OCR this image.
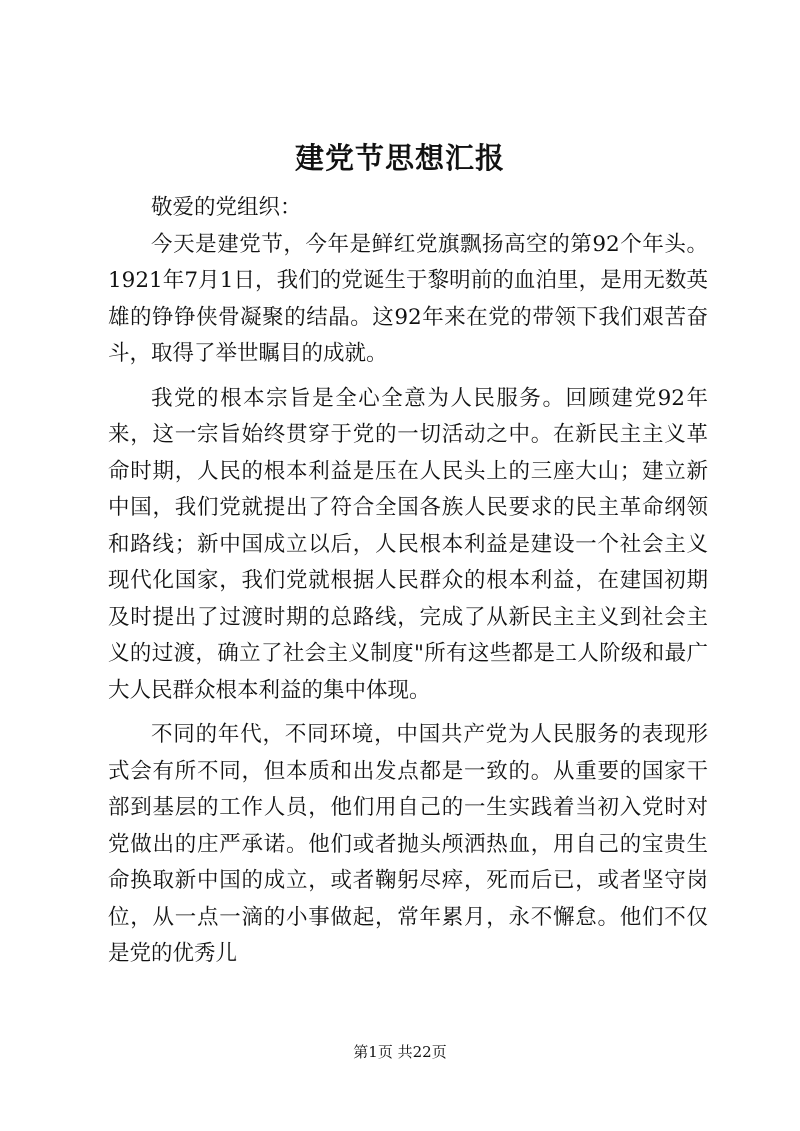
建党节思想汇报

敬爱的党组织：

今天是建党节，今年是鲜红党旗飘扬高空的第92个年头。1921年7月1日，我们的党诞生于黎明前的血泊里，是用无数英雄的铮铮侠骨凝聚的结晶。这92年来在党的带领下我们艰苦奋斗，取得了举世瞩目的成就。

我党的根本宗旨是全心全意为人民服务。回顾建党92年来，这一宗旨始终贯穿于党的一切活动之中。在新民主主义革命时期，人民的根本利益是压在人民头上的三座大山；建立新中国，我们党就提出了符合全国各族人民要求的民主革命纲领和路线；新中国成立以后，人民根本利益是建设一个社会主义现代化国家，我们党就根据人民群众的根本利益，在建国初期及时提出了过渡时期的总路线，完成了从新民主主义到社会主义的过渡，确立了社会主义制度"所有这些都是工人阶级和最广大人民群众根本利益的集中体现。

不同的年代，不同环境，中国共产党为人民服务的表现形式会有所不同，但本质和出发点都是一致的。从重要的国家干部到基层的工作人员，他们用自己的一生实践着当初入党时对党做出的庄严承诺。他们或者抛头颅洒热血，用自己的宝贵生命换取新中国的成立，或者鞠躬尽瘁，死而后已，或者坚守岗位，从一点一滴的小事做起，常年累月，永不懈怠。他们不仅是党的优秀儿

第1页 共22页
